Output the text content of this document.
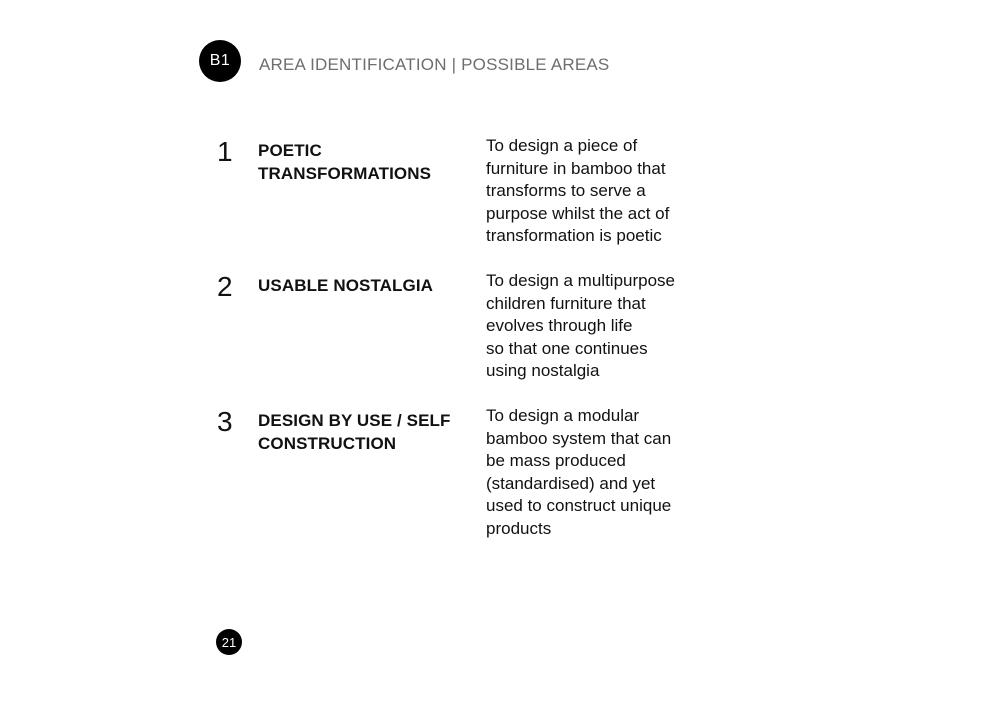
B1	AREA IDENTIFICATION | POSSIBLE AREAS
1 POETIC TRANSFORMATIONS
To design a piece of
furniture in bamboo that
transforms to serve a
purpose whilst the act of
transformation is poetic
2 USABLE NOSTALGIA	To design a multipurpose
children furniture that
evolves through life
so that one continues
using nostalgia
3 DESIGN BY USE / SELF CONSTRUCTION
To design a modular
bamboo system that can
be mass produced
(standardised) and yet
used to construct unique
products
21
